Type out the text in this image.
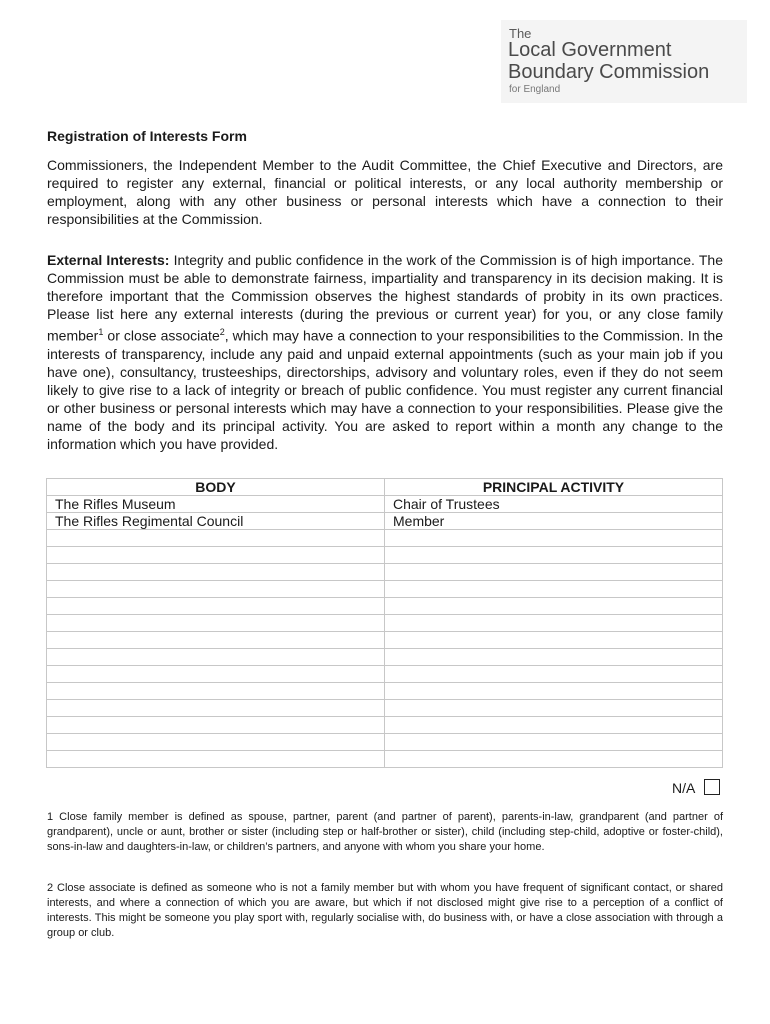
The
Local Government
Boundary Commission
for England
Registration of Interests Form

Commissioners, the Independent Member to the Audit Committee, the Chief Executive and Directors, are required to register any external, financial or political interests, or any local authority membership or employment, along with any other business or personal interests which have a connection to their responsibilities at the Commission.

External Interests: Integrity and public confidence in the work of the Commission is of high importance. The Commission must be able to demonstrate fairness, impartiality and transparency in its decision making. It is therefore important that the Commission observes the highest standards of probity in its own practices. Please list here any external interests (during the previous or current year) for you, or any close family member$^1$ or close associate$^2$, which may have a connection to your responsibilities to the Commission. In the interests of transparency, include any paid and unpaid external appointments (such as your main job if you have one), consultancy, trusteeships, directorships, advisory and voluntary roles, even if they do not seem likely to give rise to a lack of integrity or breach of public confidence. You must register any current financial or other business or personal interests which may have a connection to your responsibilities. Please give the name of the body and its principal activity. You are asked to report within a month any change to the information which you have provided.

BODY	PRINCIPAL ACTIVITY
The Rifles Museum	Chair of Trustees
The Rifles Regimental Council	Member

N/A

1 Close family member is defined as spouse, partner, parent (and partner of parent), parents-in-law, grandparent (and partner of grandparent), uncle or aunt, brother or sister (including step or half-brother or sister), child (including step-child, adoptive or foster-child), sons-in-law and daughters-in-law, or children’s partners, and anyone with whom you share your home.

2 Close associate is defined as someone who is not a family member but with whom you have frequent of significant contact, or shared interests, and where a connection of which you are aware, but which if not disclosed might give rise to a perception of a conflict of interests. This might be someone you play sport with, regularly socialise with, do business with, or have a close association with through a group or club.
